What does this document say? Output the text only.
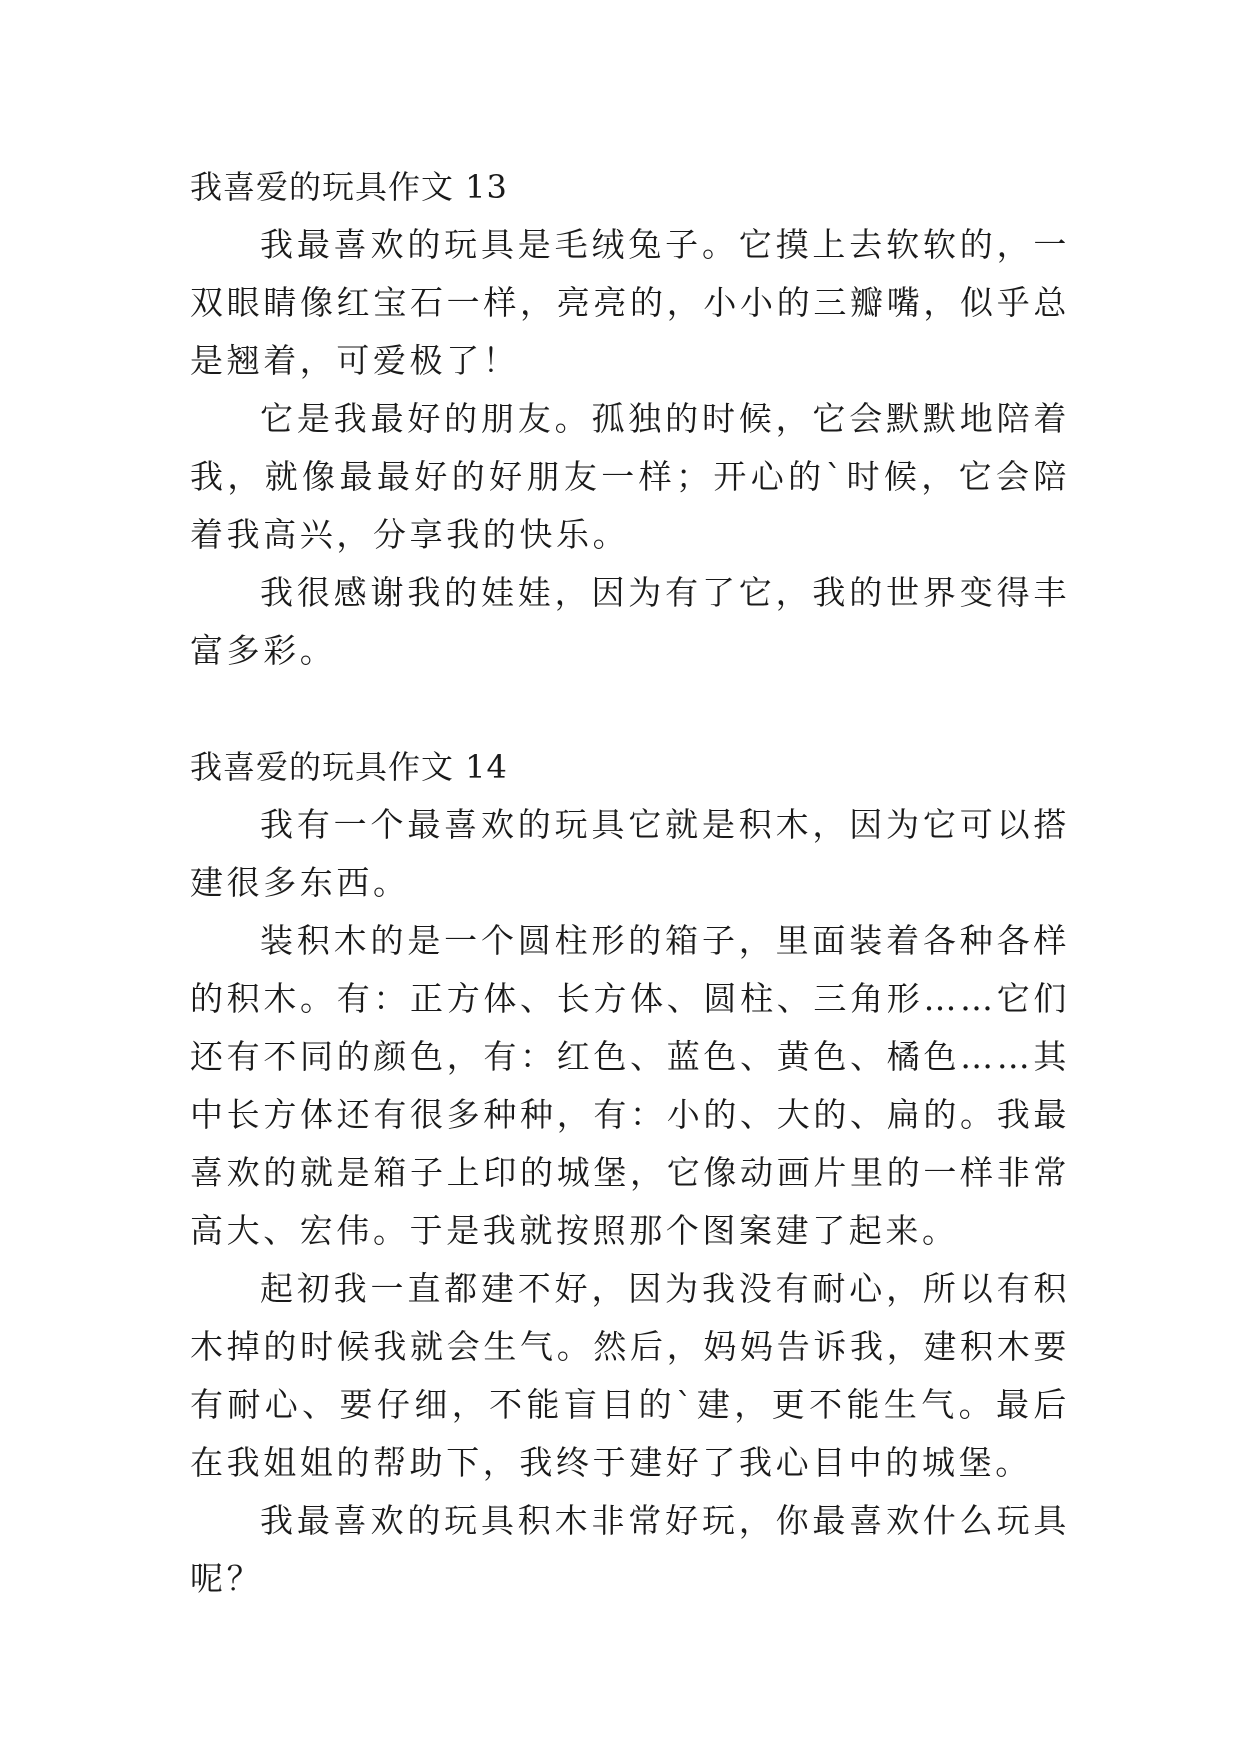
我喜爱的玩具作文 13

我最喜欢的玩具是毛绒兔子。它摸上去软软的，一双眼睛像红宝石一样，亮亮的，小小的三瓣嘴，似乎总是翘着，可爱极了！

它是我最好的朋友。孤独的时候，它会默默地陪着我，就像最最好的好朋友一样；开心的`时候，它会陪着我高兴，分享我的快乐。

我很感谢我的娃娃，因为有了它，我的世界变得丰富多彩。

我喜爱的玩具作文 14

我有一个最喜欢的玩具它就是积木，因为它可以搭建很多东西。

装积木的是一个圆柱形的箱子，里面装着各种各样的积木。有：正方体、长方体、圆柱、三角形……它们还有不同的颜色，有：红色、蓝色、黄色、橘色……其中长方体还有很多种种，有：小的、大的、扁的。我最喜欢的就是箱子上印的城堡，它像动画片里的一样非常高大、宏伟。于是我就按照那个图案建了起来。

起初我一直都建不好，因为我没有耐心，所以有积木掉的时候我就会生气。然后，妈妈告诉我，建积木要有耐心、要仔细，不能盲目的`建，更不能生气。最后在我姐姐的帮助下，我终于建好了我心目中的城堡。

我最喜欢的玩具积木非常好玩，你最喜欢什么玩具呢？
